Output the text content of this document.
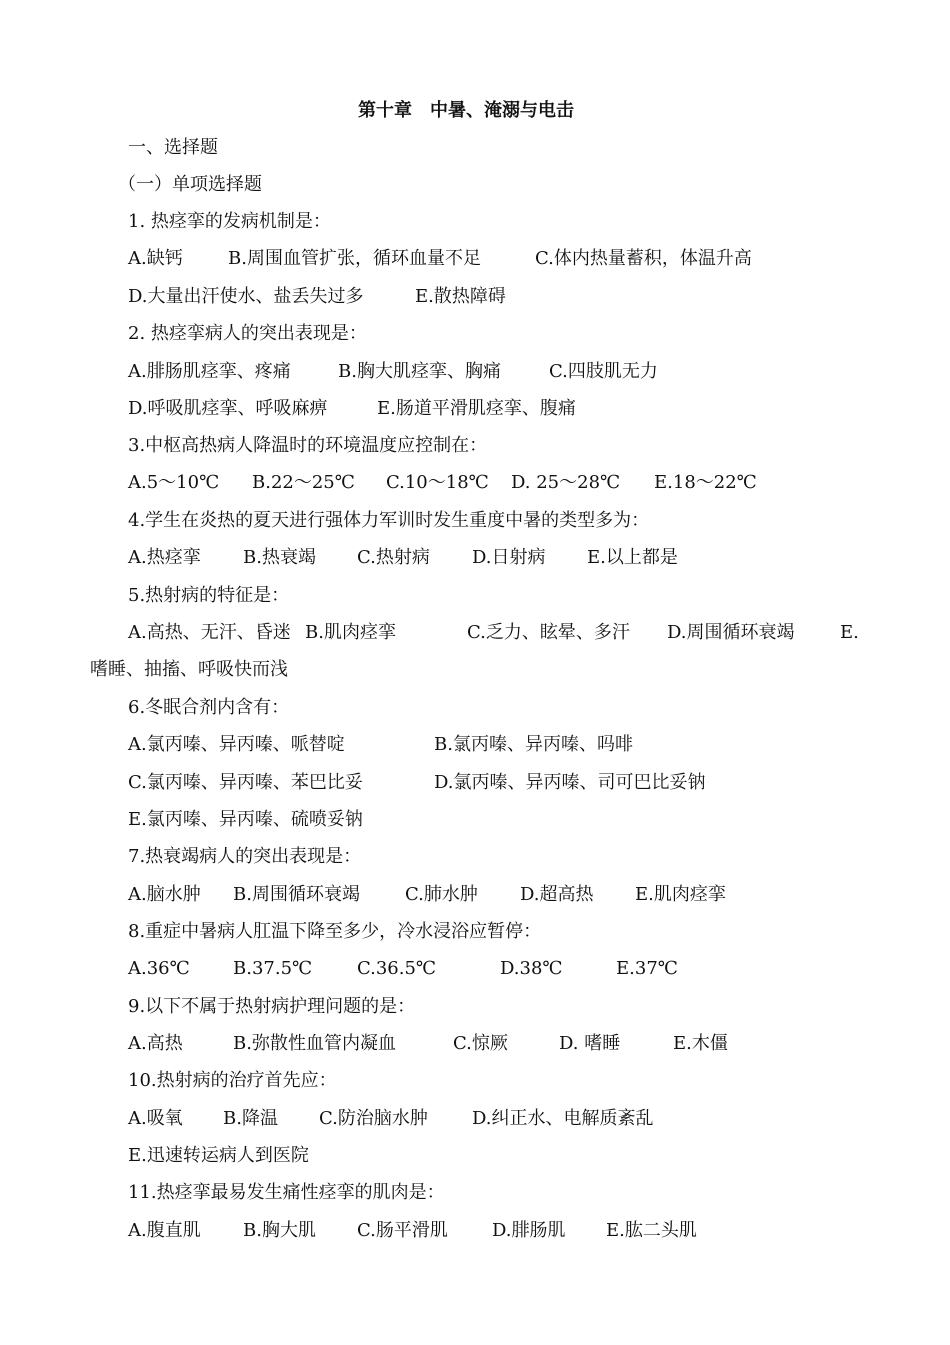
第十章　中暑、淹溺与电击
一、选择题
（一）单项选择题
1. 热痉挛的发病机制是：
A.缺钙	B.周围血管扩张，循环血量不足	C.体内热量蓄积，体温升高
D.大量出汗使水、盐丢失过多	E.散热障碍
2. 热痉挛病人的突出表现是：
A.腓肠肌痉挛、疼痛	B.胸大肌痉挛、胸痛	C.四肢肌无力
D.呼吸肌痉挛、呼吸麻痹	E.肠道平滑肌痉挛、腹痛
3.中枢高热病人降温时的环境温度应控制在：
A.5～10℃ B.22～25℃ C.10～18℃ D. 25～28℃ E.18～22℃
4.学生在炎热的夏天进行强体力军训时发生重度中暑的类型多为：
A.热痉挛 B.热衰竭 C.热射病 D.日射病 E.以上都是
5.热射病的特征是：
A.高热、无汗、昏迷 B.肌肉痉挛	C.乏力、眩晕、多汗 D.周围循环衰竭	E.
嗜睡、抽搐、呼吸快而浅
6.冬眠合剂内含有：
A.氯丙嗪、异丙嗪、哌替啶	B.氯丙嗪、异丙嗪、吗啡
C.氯丙嗪、异丙嗪、苯巴比妥	D.氯丙嗪、异丙嗪、司可巴比妥钠
E.氯丙嗪、异丙嗪、硫喷妥钠
7.热衰竭病人的突出表现是：
A.脑水肿 B.周围循环衰竭	C.肺水肿 D.超高热 E.肌肉痉挛
8.重症中暑病人肛温下降至多少，冷水浸浴应暂停：
A.36℃ B.37.5℃ C.36.5℃	D.38℃	E.37℃
9.以下不属于热射病护理问题的是：
A.高热	B.弥散性血管内凝血	C.惊厥	D. 嗜睡	E.木僵
10.热射病的治疗首先应：
A.吸氧 B.降温 C.防治脑水肿 D.纠正水、电解质紊乱
E.迅速转运病人到医院
11.热痉挛最易发生痛性痉挛的肌肉是：
A.腹直肌 B.胸大肌 C.肠平滑肌 D.腓肠肌 E.肱二头肌
